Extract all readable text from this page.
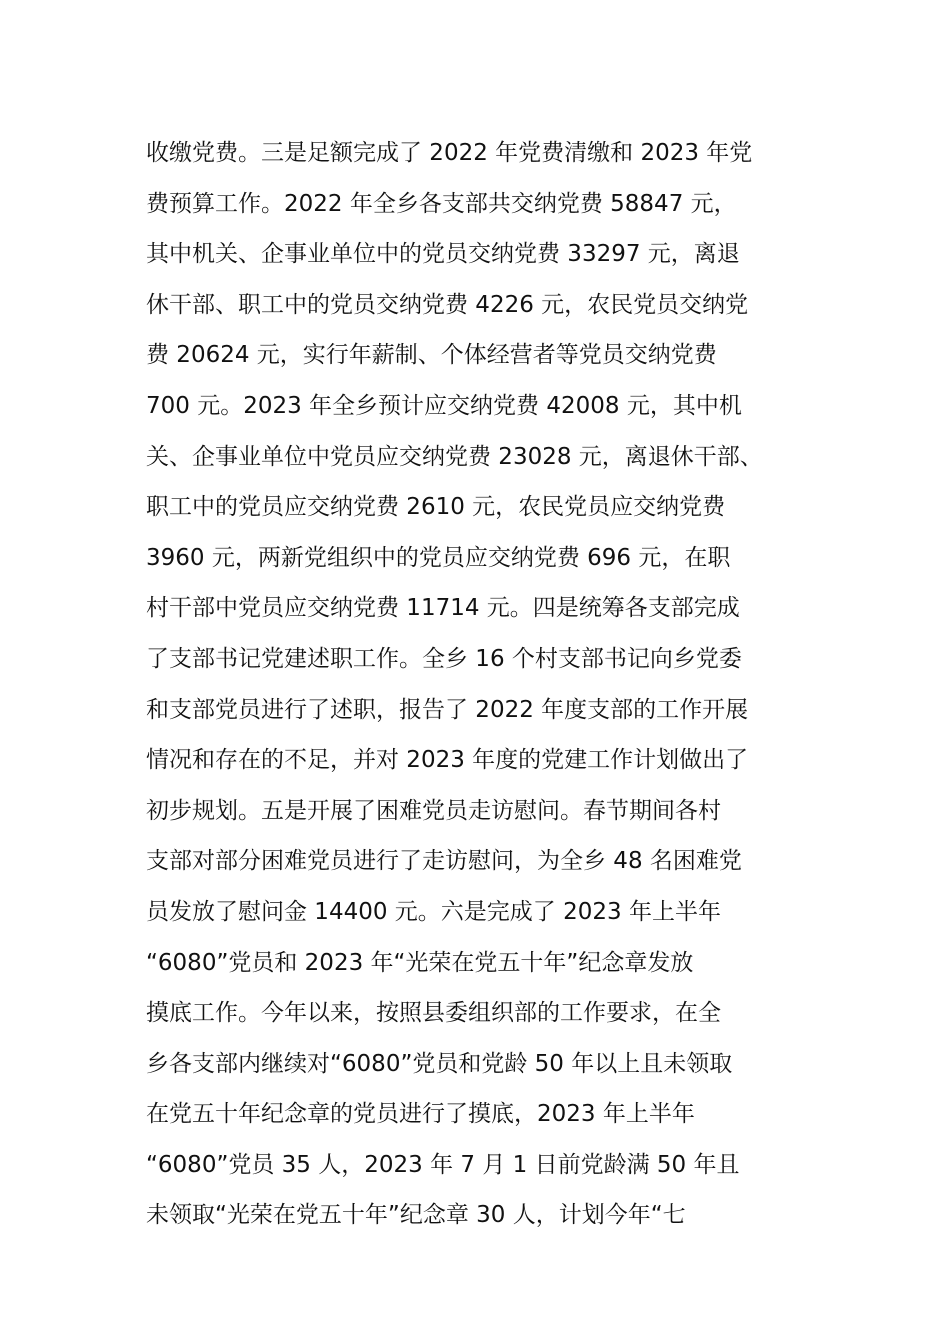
收缴党费。三是足额完成了 2022 年党费清缴和 2023 年党
费预算工作。2022 年全乡各支部共交纳党费 58847 元，
其中机关、企事业单位中的党员交纳党费 33297 元，离退
休干部、职工中的党员交纳党费 4226 元，农民党员交纳党
费 20624 元，实行年薪制、个体经营者等党员交纳党费
700 元。2023 年全乡预计应交纳党费 42008 元，其中机
关、企事业单位中党员应交纳党费 23028 元，离退休干部、
职工中的党员应交纳党费 2610 元，农民党员应交纳党费
3960 元，两新党组织中的党员应交纳党费 696 元，在职
村干部中党员应交纳党费 11714 元。四是统筹各支部完成
了支部书记党建述职工作。全乡 16 个村支部书记向乡党委
和支部党员进行了述职，报告了 2022 年度支部的工作开展
情况和存在的不足，并对 2023 年度的党建工作计划做出了
初步规划。五是开展了困难党员走访慰问。春节期间各村
支部对部分困难党员进行了走访慰问，为全乡 48 名困难党
员发放了慰问金 14400 元。六是完成了 2023 年上半年
“6080”党员和 2023 年“光荣在党五十年”纪念章发放
摸底工作。今年以来，按照县委组织部的工作要求，在全
乡各支部内继续对“6080”党员和党龄 50 年以上且未领取
在党五十年纪念章的党员进行了摸底，2023 年上半年
“6080”党员 35 人，2023 年 7 月 1 日前党龄满 50 年且
未领取“光荣在党五十年”纪念章 30 人，计划今年“七
